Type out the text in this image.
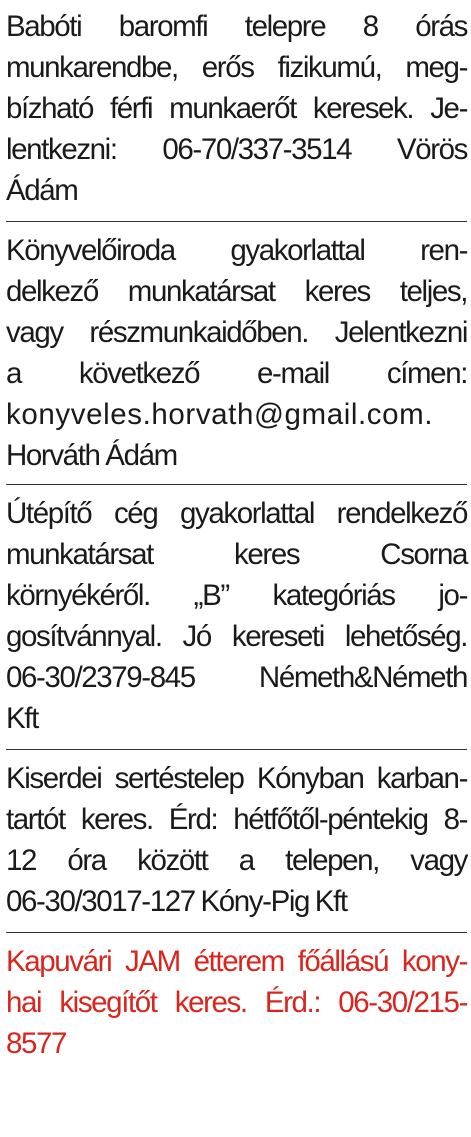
Babóti baromfi telepre 8 órás
munkarendbe, erős fizikumú, meg-
bízható férfi munkaerőt keresek. Je-
lentkezni: 06-70/337-3514 Vörös
Ádám
Könyvelőiroda gyakorlattal ren-
delkező munkatársat keres teljes,
vagy részmunkaidőben. Jelentkezni
a következő e-mail címen:
konyveles.horvath@gmail.com.
Horváth Ádám
Útépítő cég gyakorlattal rendelkező
munkatársat keres Csorna
környékéről. „B” kategóriás jo-
gosítvánnyal. Jó kereseti lehetőség.
06-30/2379-845 Németh&Németh
Kft
Kiserdei sertéstelep Kónyban karban-
tartót keres. Érd: hétfőtől-péntekig 8-
12 óra között a telepen, vagy
06-30/3017-127 Kóny-Pig Kft
Kapuvári JAM étterem főállású kony-
hai kisegítőt keres. Érd.: 06-30/215-
8577
